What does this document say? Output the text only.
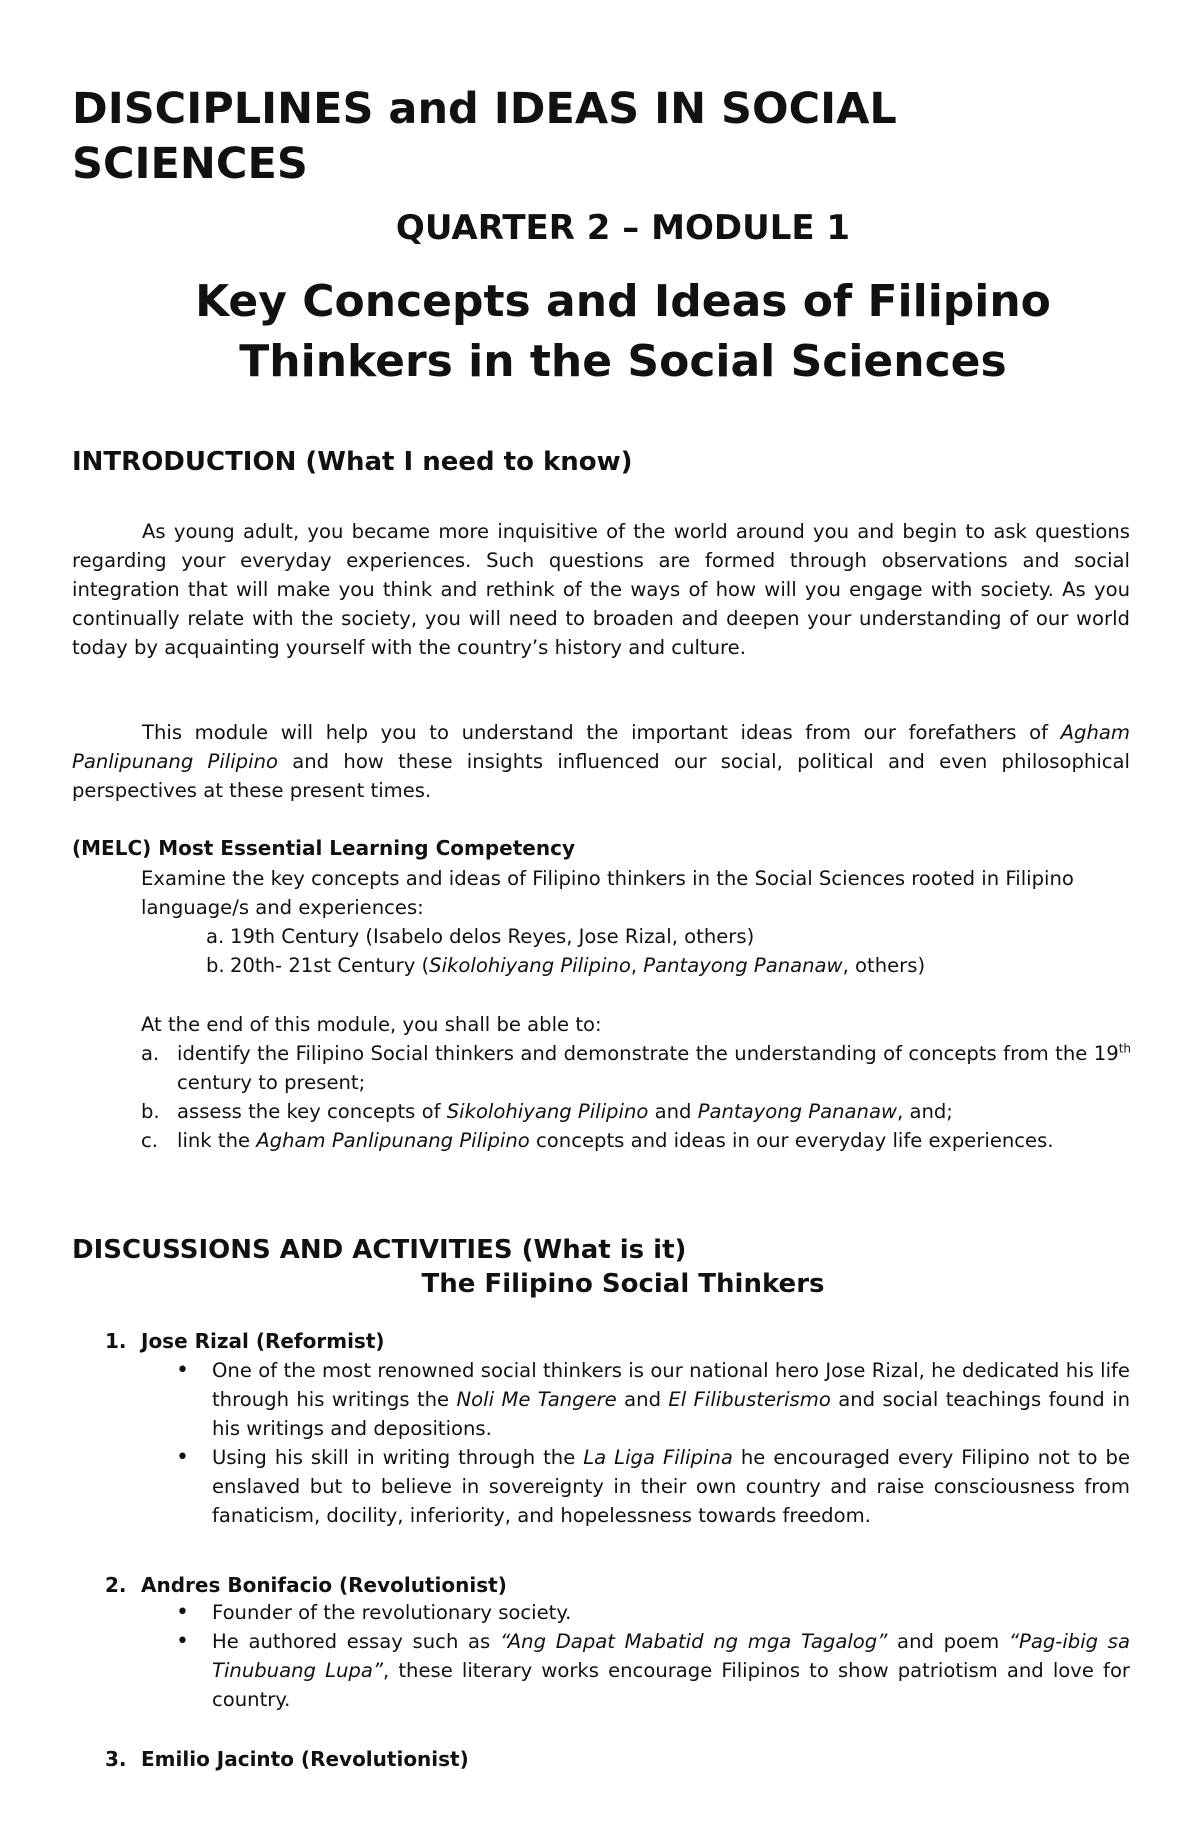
DISCIPLINES and IDEAS IN SOCIAL SCIENCES
QUARTER 2 – MODULE 1
Key Concepts and Ideas of Filipino
Thinkers in the Social Sciences
INTRODUCTION (What I need to know)

As young adult, you became more inquisitive of the world around you and begin to ask questions regarding your everyday experiences. Such questions are formed through observations and social integration that will make you think and rethink of the ways of how will you engage with society. As you continually relate with the society, you will need to broaden and deepen your understanding of our world today by acquainting yourself with the country’s history and culture.

This module will help you to understand the important ideas from our forefathers of Agham Panlipunang Pilipino and how these insights influenced our social, political and even philosophical perspectives at these present times.

(MELC) Most Essential Learning Competency

Examine the key concepts and ideas of Filipino thinkers in the Social Sciences rooted in Filipino language/s and experiences:

a. 19th Century (Isabelo delos Reyes, Jose Rizal, others)

b. 20th- 21st Century (Sikolohiyang Pilipino, Pantayong Pananaw, others)

At the end of this module, you shall be able to:

a. identify the Filipino Social thinkers and demonstrate the understanding of concepts from the 19th century to present;
b. assess the key concepts of Sikolohiyang Pilipino and Pantayong Pananaw, and;
c. link the Agham Panlipunang Pilipino concepts and ideas in our everyday life experiences.
DISCUSSIONS AND ACTIVITIES (What is it)
The Filipino Social Thinkers

1. Jose Rizal (Reformist)

• One of the most renowned social thinkers is our national hero Jose Rizal, he dedicated his life through his writings the Noli Me Tangere and El Filibusterismo and social teachings found in his writings and depositions.
• Using his skill in writing through the La Liga Filipina he encouraged every Filipino not to be enslaved but to believe in sovereignty in their own country and raise consciousness from fanaticism, docility, inferiority, and hopelessness towards freedom.

2. Andres Bonifacio (Revolutionist)

• Founder of the revolutionary society.
• He authored essay such as “Ang Dapat Mabatid ng mga Tagalog” and poem “Pag-ibig sa Tinubuang Lupa”, these literary works encourage Filipinos to show patriotism and love for country.

3. Emilio Jacinto (Revolutionist)
